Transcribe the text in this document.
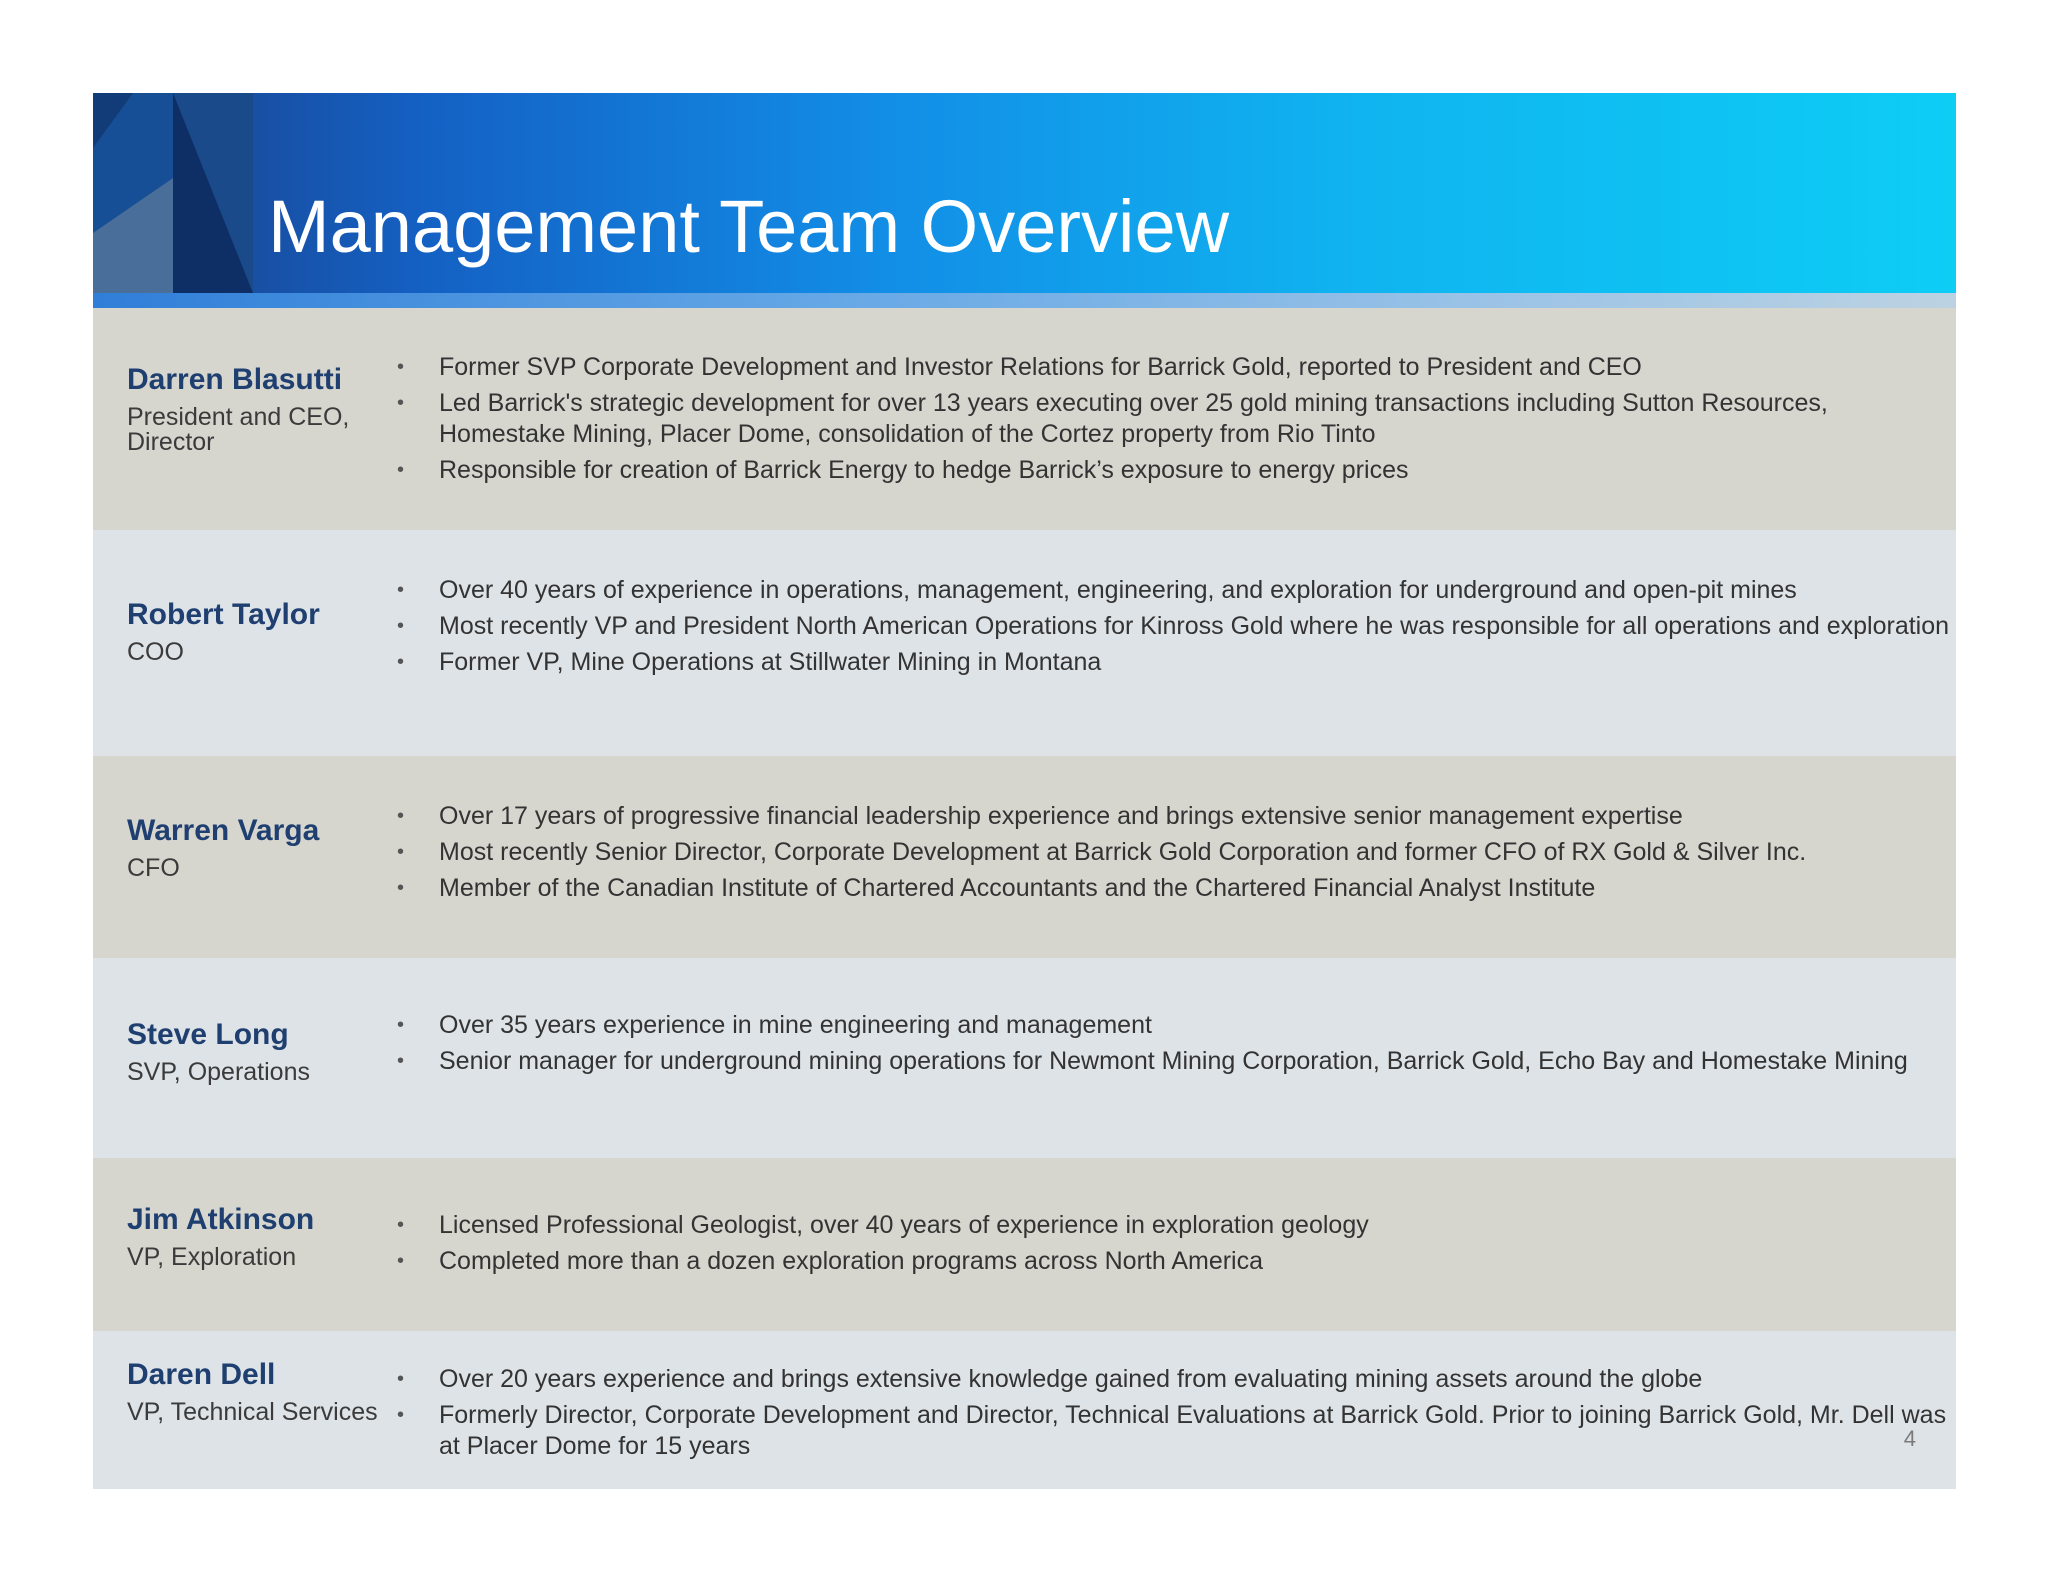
Management Team Overview
Darren Blasutti
President and CEO, Director
• Former SVP Corporate Development and Investor Relations for Barrick Gold, reported to President and CEO
• Led Barrick's strategic development for over 13 years executing over 25 gold mining transactions including Sutton Resources, Homestake Mining, Placer Dome, consolidation of the Cortez property from Rio Tinto
• Responsible for creation of Barrick Energy to hedge Barrick’s exposure to energy prices
Robert Taylor
COO
• Over 40 years of experience in operations, management, engineering, and exploration for underground and open-pit mines
• Most recently VP and President North American Operations for Kinross Gold where he was responsible for all operations and exploration
• Former VP, Mine Operations at Stillwater Mining in Montana
Warren Varga
CFO
• Over 17 years of progressive financial leadership experience and brings extensive senior management expertise
• Most recently Senior Director, Corporate Development at Barrick Gold Corporation and former CFO of RX Gold & Silver Inc.
• Member of the Canadian Institute of Chartered Accountants and the Chartered Financial Analyst Institute
Steve Long
SVP, Operations
• Over 35 years experience in mine engineering and management
• Senior manager for underground mining operations for Newmont Mining Corporation, Barrick Gold, Echo Bay and Homestake Mining
Jim Atkinson
VP, Exploration
• Licensed Professional Geologist, over 40 years of experience in exploration geology
• Completed more than a dozen exploration programs across North America
Daren Dell
VP, Technical Services
• Over 20 years experience and brings extensive knowledge gained from evaluating mining assets around the globe
• Formerly Director, Corporate Development and Director, Technical Evaluations at Barrick Gold. Prior to joining Barrick Gold, Mr. Dell was at Placer Dome for 15 years	4
